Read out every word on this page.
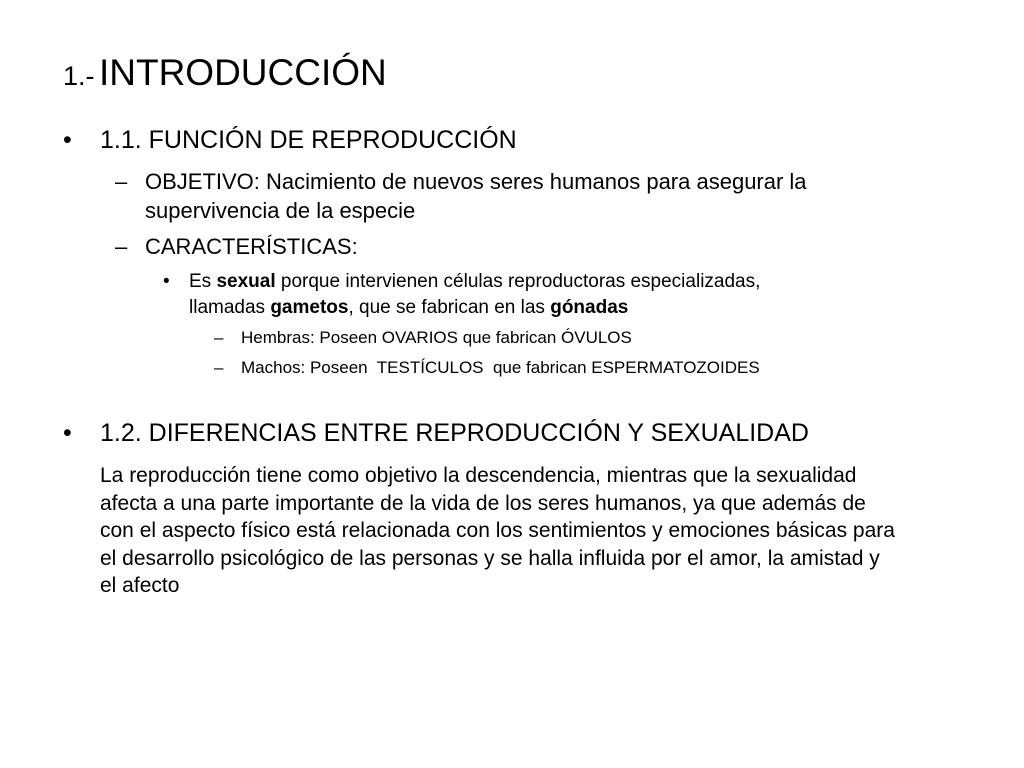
1.- INTRODUCCIÓN
• 1.1. FUNCIÓN DE REPRODUCCIÓN
– OBJETIVO: Nacimiento de nuevos seres humanos para asegurar la
supervivencia de la especie
– CARACTERÍSTICAS:
• Es sexual porque intervienen células reproductoras especializadas,
llamadas gametos, que se fabrican en las gónadas
– Hembras: Poseen OVARIOS que fabrican ÓVULOS
– Machos: Poseen  TESTÍCULOS  que fabrican ESPERMATOZOIDES
• 1.2. DIFERENCIAS ENTRE REPRODUCCIÓN Y SEXUALIDAD
La reproducción tiene como objetivo la descendencia, mientras que la sexualidad
afecta a una parte importante de la vida de los seres humanos, ya que además de
con el aspecto físico está relacionada con los sentimientos y emociones básicas para
el desarrollo psicológico de las personas y se halla influida por el amor, la amistad y
el afecto
